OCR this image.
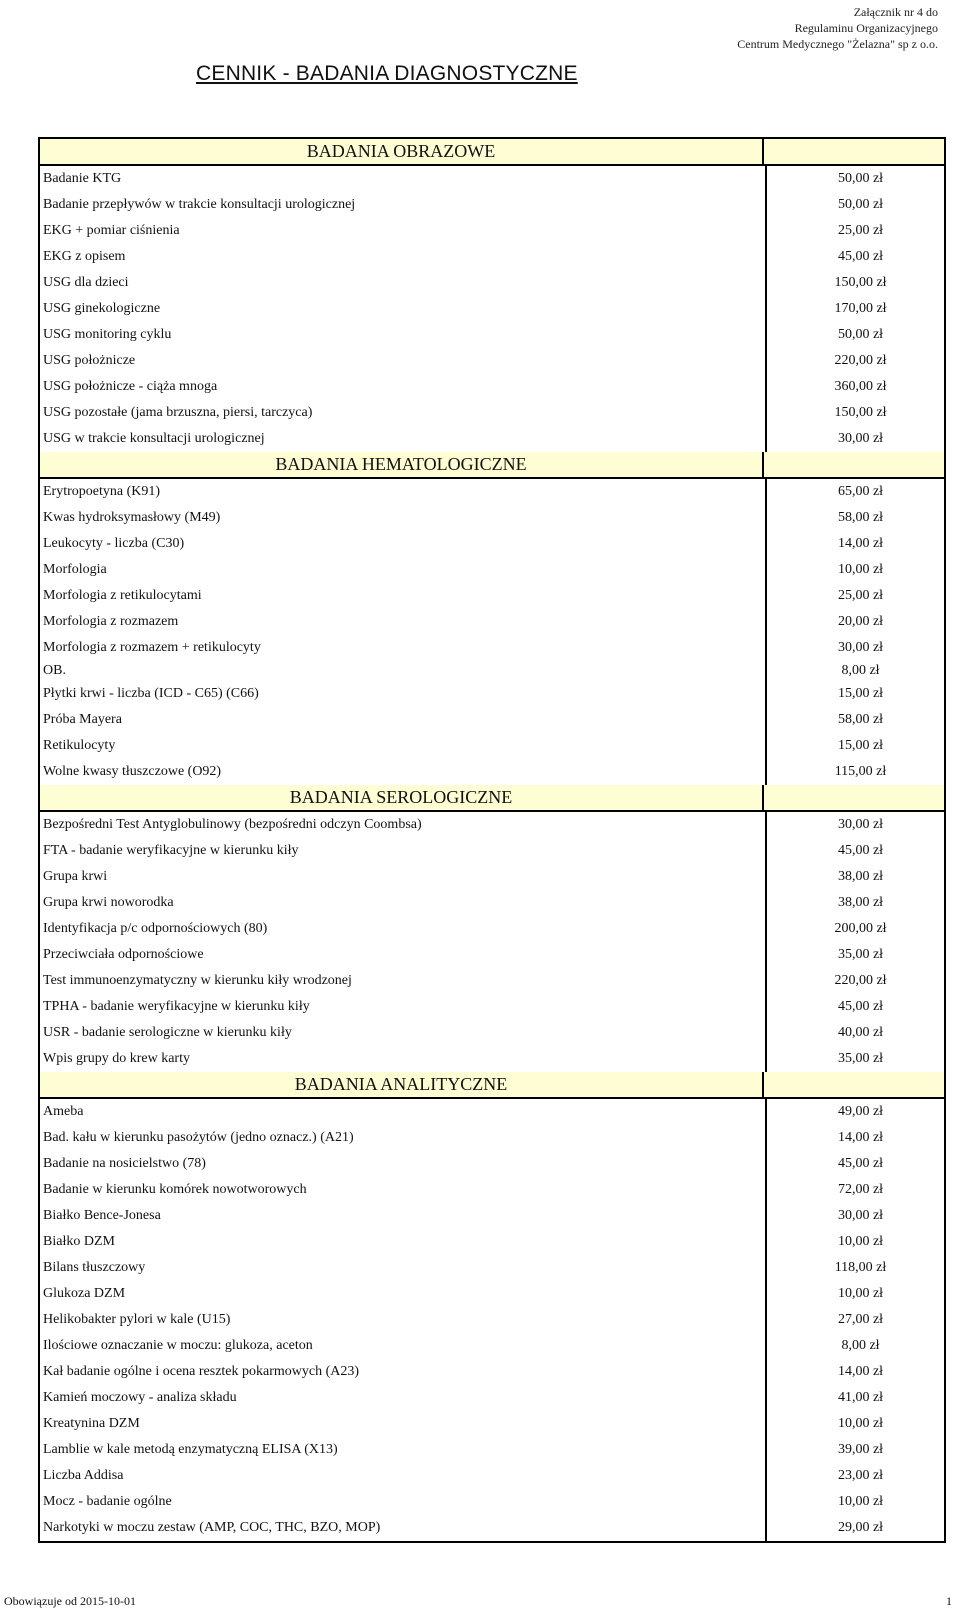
Załącznik nr 4 do
Regulaminu Organizacyjnego
Centrum Medycznego "Żelazna" sp z o.o.
CENNIK - BADANIA DIAGNOSTYCZNE
BADANIA OBRAZOWE
Badanie KTG	50,00 zł
Badanie przepływów w trakcie konsultacji urologicznej	50,00 zł
EKG + pomiar ciśnienia	25,00 zł
EKG z opisem	45,00 zł
USG dla dzieci	150,00 zł
USG ginekologiczne	170,00 zł
USG monitoring cyklu	50,00 zł
USG położnicze	220,00 zł
USG położnicze - ciąża mnoga	360,00 zł
USG pozostałe (jama brzuszna, piersi, tarczyca)	150,00 zł
USG w trakcie konsultacji urologicznej	30,00 zł
BADANIA HEMATOLOGICZNE
Erytropoetyna (K91)	65,00 zł
Kwas hydroksymasłowy (M49)	58,00 zł
Leukocyty - liczba (C30)	14,00 zł
Morfologia	10,00 zł
Morfologia z retikulocytami	25,00 zł
Morfologia z rozmazem	20,00 zł
Morfologia z rozmazem + retikulocyty	30,00 zł
OB.	8,00 zł
Płytki krwi - liczba (ICD - C65) (C66)	15,00 zł
Próba Mayera	58,00 zł
Retikulocyty	15,00 zł
Wolne kwasy tłuszczowe (O92)	115,00 zł
BADANIA SEROLOGICZNE
Bezpośredni Test Antyglobulinowy (bezpośredni odczyn Coombsa)	30,00 zł
FTA - badanie weryfikacyjne w kierunku kiły	45,00 zł
Grupa krwi	38,00 zł
Grupa krwi noworodka	38,00 zł
Identyfikacja p/c odpornościowych (80)	200,00 zł
Przeciwciała odpornościowe	35,00 zł
Test immunoenzymatyczny w kierunku kiły wrodzonej	220,00 zł
TPHA - badanie weryfikacyjne w kierunku kiły	45,00 zł
USR - badanie serologiczne w kierunku kiły	40,00 zł
Wpis grupy do krew karty	35,00 zł
BADANIA ANALITYCZNE
Ameba	49,00 zł
Bad. kału w kierunku pasożytów (jedno oznacz.) (A21)	14,00 zł
Badanie na nosicielstwo (78)	45,00 zł
Badanie w kierunku komórek nowotworowych	72,00 zł
Białko Bence-Jonesa	30,00 zł
Białko DZM	10,00 zł
Bilans tłuszczowy	118,00 zł
Glukoza DZM	10,00 zł
Helikobakter pylori w kale (U15)	27,00 zł
Ilościowe oznaczanie w moczu: glukoza, aceton	8,00 zł
Kał badanie ogólne i ocena resztek pokarmowych (A23)	14,00 zł
Kamień moczowy - analiza składu	41,00 zł
Kreatynina DZM	10,00 zł
Lamblie w kale metodą enzymatyczną ELISA (X13)	39,00 zł
Liczba Addisa	23,00 zł
Mocz - badanie ogólne	10,00 zł
Narkotyki w moczu zestaw (AMP, COC, THC, BZO, MOP)	29,00 zł
Obowiązuje od 2015-10-01	1
